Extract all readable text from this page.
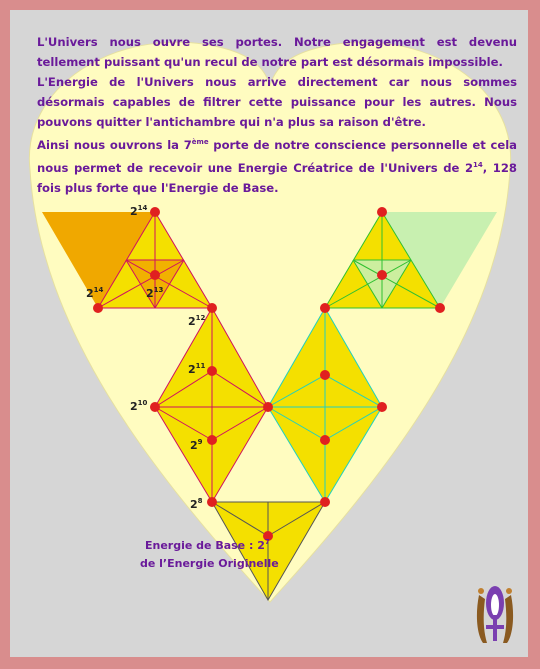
$2^{14}$
$2^{14}$	$2^{13}$
$2^{12}$
$2^{11}$
$2^{10}$
$2^9$
$2^8$
Energie de Base : $2^7$
de l’Energie Originelle

L'Univers nous ouvre ses portes. Notre engagement est devenu tellement puissant qu'un recul de notre part est désormais impossible.

L'Energie de l'Univers nous arrive directement car nous sommes désormais capables de filtrer cette puissance pour les autres. Nous pouvons quitter l'antichambre qui n'a plus sa raison d'être.

Ainsi nous ouvrons la 7ème porte de notre conscience personnelle et cela nous permet de recevoir une Energie Créatrice de l'Univers de $2^{14}$, 128 fois plus forte que l'Energie de Base.
